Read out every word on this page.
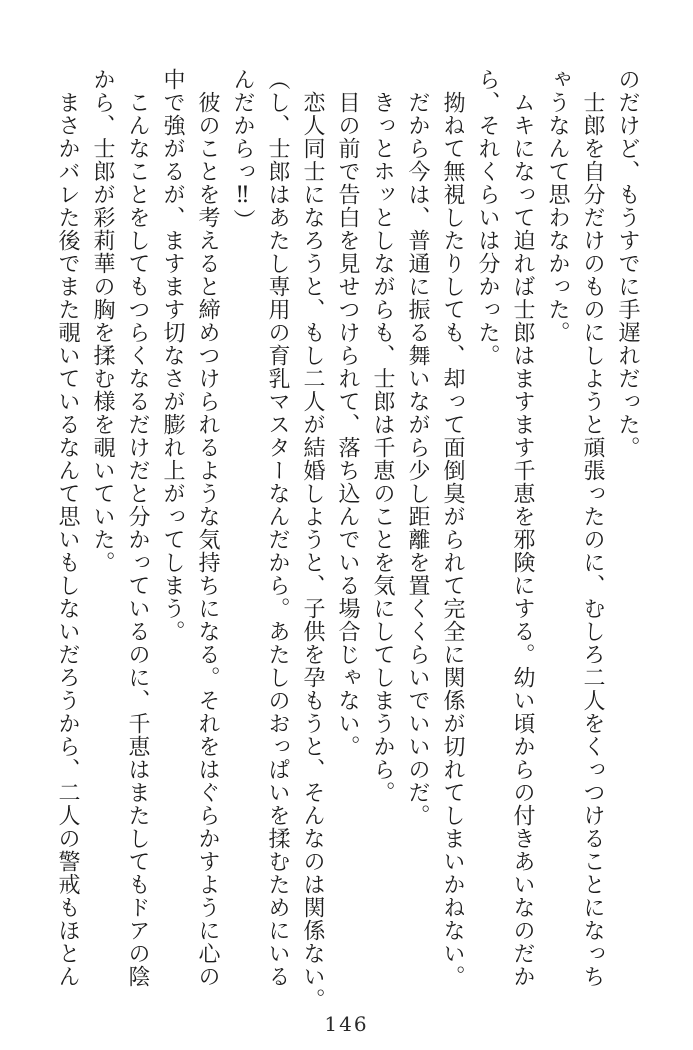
のだけど、もうすでに手遅れだった。
　士郎を自分だけのものにしようと頑張ったのに、むしろ二人をくっつけることになっち
ゃうなんて思わなかった。
　ムキになって迫れば士郎はますます千恵を邪険にする。幼い頃からの付きあいなのだか
ら、それくらいは分かった。
　拗ねて無視したりしても、却って面倒臭がられて完全に関係が切れてしまいかねない。
　だから今は、普通に振る舞いながら少し距離を置くくらいでいいのだ。
　きっとホッとしながらも、士郎は千恵のことを気にしてしまうから。
　目の前で告白を見せつけられて、落ち込んでいる場合じゃない。
　恋人同士になろうと、もし二人が結婚しようと、子供を孕もうと、そんなのは関係ない。
（し、士郎はあたし専用の育乳マスターなんだから。あたしのおっぱいを揉むためにいる
んだからっ‼）
　彼のことを考えると締めつけられるような気持ちになる。それをはぐらかすように心の
中で強がるが、ますます切なさが膨れ上がってしまう。
　こんなことをしてもつらくなるだけだと分かっているのに、千恵はまたしてもドアの陰
から、士郎が彩莉華の胸を揉む様を覗いていた。
　まさかバレた後でまた覗いているなんて思いもしないだろうから、二人の警戒もほとん
146
